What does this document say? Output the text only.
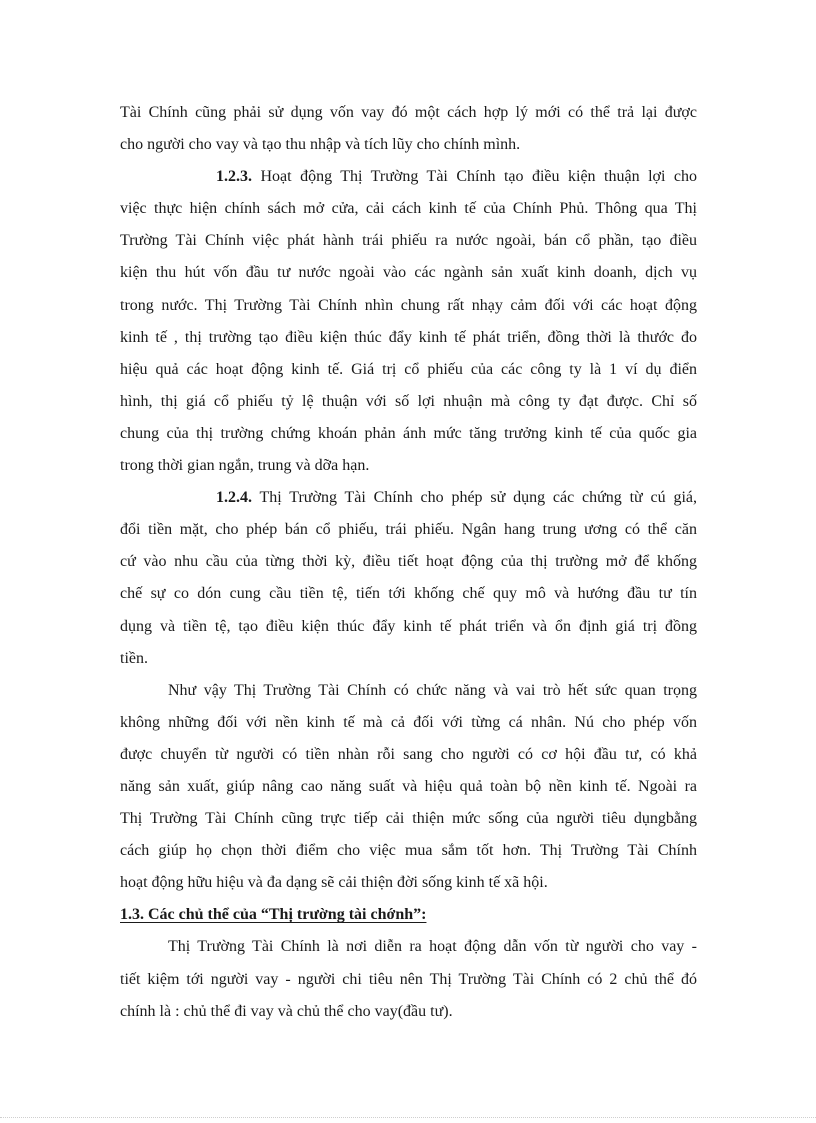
Tài Chính cũng phải sử dụng vốn vay đó một cách hợp lý mới có thể trả lại được
cho người cho vay và tạo thu nhập và tích lũy cho chính mình.
1.2.3. Hoạt động Thị Trường Tài Chính tạo điều kiện thuận lợi cho
việc thực hiện chính sách mở cửa, cải cách kinh tế của Chính Phủ. Thông qua Thị
Trường Tài Chính việc phát hành trái phiếu ra nước ngoài, bán cổ phần, tạo điều
kiện thu hút vốn đầu tư nước ngoài vào các ngành sản xuất kinh doanh, dịch vụ
trong nước. Thị Trường Tài Chính nhìn chung rất nhạy cảm đối với các hoạt động
kinh tế , thị trường tạo điều kiện thúc đẩy kinh tế phát triển, đồng thời là thước đo
hiệu quả các hoạt động kinh tế. Giá trị cổ phiếu của các công ty là 1 ví dụ điển
hình, thị giá cổ phiếu tỷ lệ thuận với số lợi nhuận mà công ty đạt được. Chỉ số
chung của thị trường chứng khoán phản ánh mức tăng trưởng kinh tế của quốc gia
trong thời gian ngắn, trung và dỡa hạn.
1.2.4. Thị Trường Tài Chính cho phép sử dụng các chứng từ cú giá,
đổi tiền mặt, cho phép bán cổ phiếu, trái phiếu. Ngân hang trung ương có thể căn
cứ vào nhu cầu của từng thời kỳ, điều tiết hoạt động của thị trường mở để khống
chế sự co dón cung cầu tiền tệ, tiến tới khống chế quy mô và hướng đầu tư tín
dụng và tiền tệ, tạo điều kiện thúc đẩy kinh tế phát triển và ổn định giá trị đồng
tiền.
Như vậy Thị Trường Tài Chính có chức năng và vai trò hết sức quan trọng
không những đối với nền kinh tế mà cả đối với từng cá nhân. Nú cho phép vốn
được chuyển từ người có tiền nhàn rỗi sang cho người có cơ hội đầu tư, có khả
năng sản xuất, giúp nâng cao năng suất và hiệu quả toàn bộ nền kinh tế. Ngoài ra
Thị Trường Tài Chính cũng trực tiếp cải thiện mức sống của người tiêu dụngbằng
cách giúp họ chọn thời điểm cho việc mua sắm tốt hơn. Thị Trường Tài Chính
hoạt động hữu hiệu và đa dạng sẽ cải thiện đời sống kinh tế xã hội.
1.3. Các chủ thể của “Thị trường tài chớnh”:
Thị Trường Tài Chính là nơi diễn ra hoạt động dẫn vốn từ người cho vay -
tiết kiệm tới người vay - người chi tiêu nên Thị Trường Tài Chính có 2 chủ thể đó
chính là : chủ thể đi vay và chủ thể cho vay(đầu tư).
